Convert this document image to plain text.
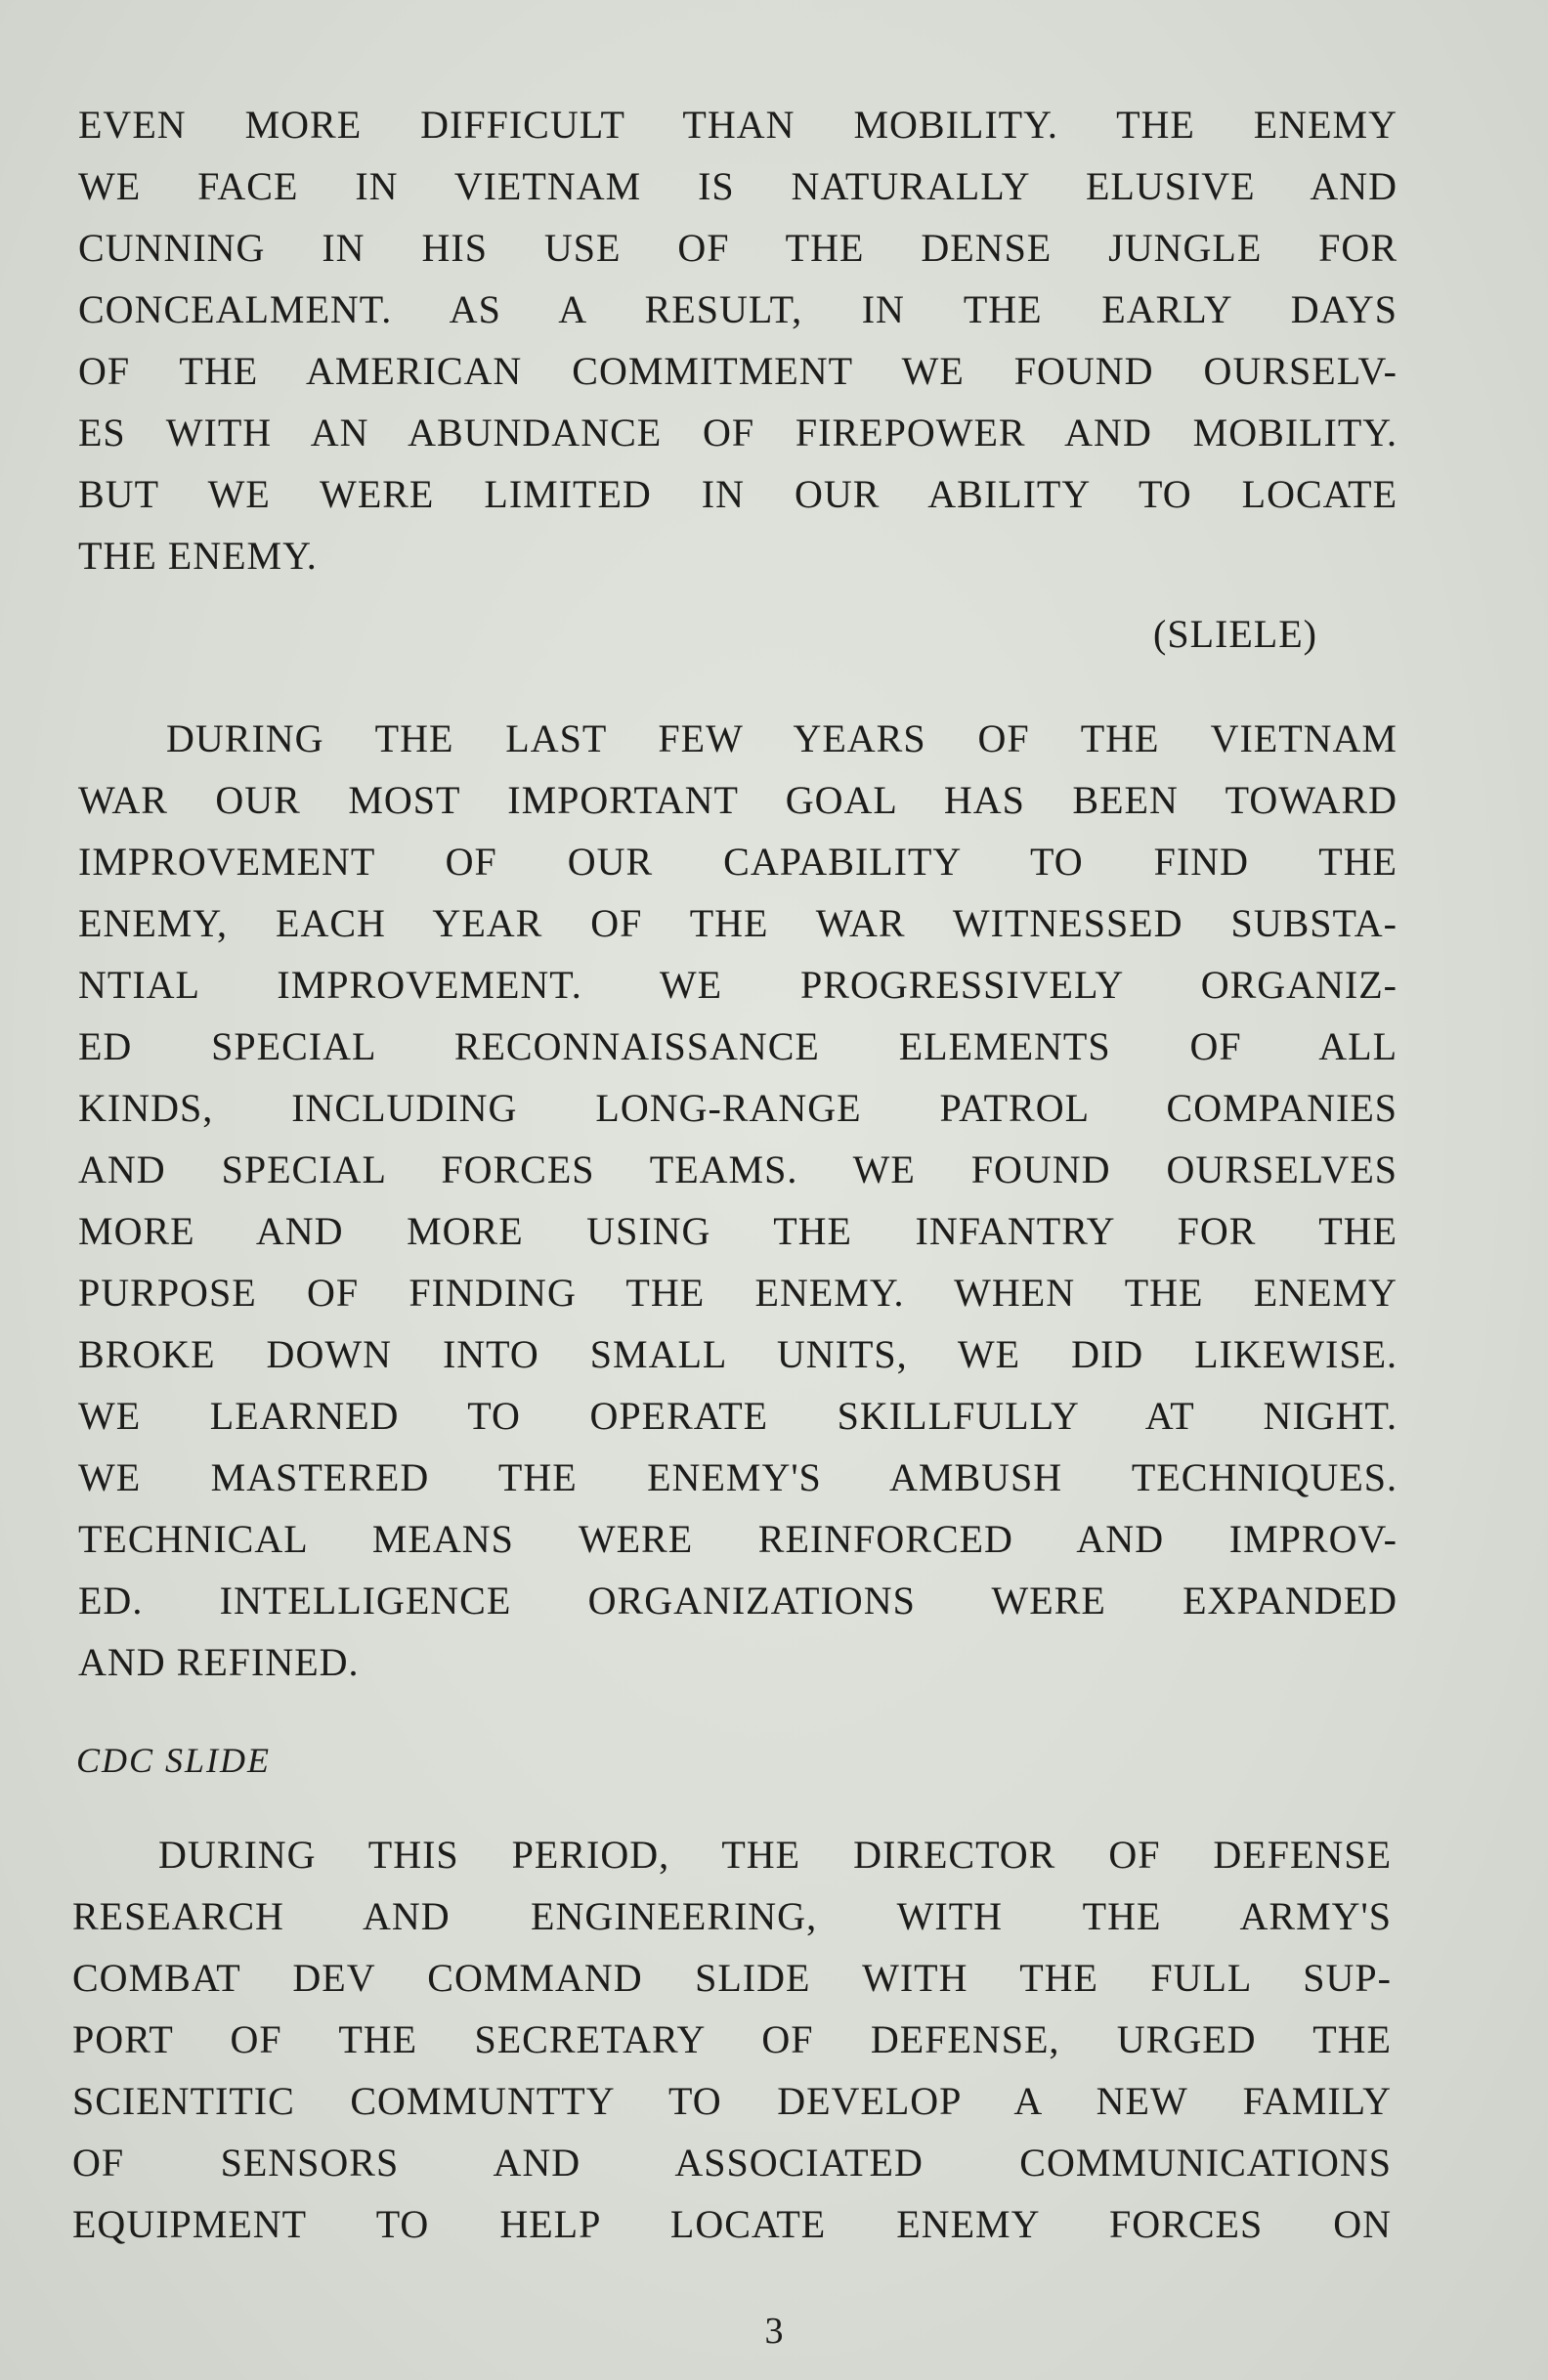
EVEN MORE DIFFICULT THAN MOBILITY. THE ENEMY
WE FACE IN VIETNAM IS NATURALLY ELUSIVE AND
CUNNING IN HIS USE OF THE DENSE JUNGLE FOR
CONCEALMENT. AS A RESULT, IN THE EARLY DAYS
OF THE AMERICAN COMMITMENT WE FOUND OURSELV-
ES WITH AN ABUNDANCE OF FIREPOWER AND MOBILITY.
BUT WE WERE LIMITED IN OUR ABILITY TO LOCATE
THE ENEMY.
(SLIELE)
DURING THE LAST FEW YEARS OF THE VIETNAM
WAR OUR MOST IMPORTANT GOAL HAS BEEN TOWARD
IMPROVEMENT OF OUR CAPABILITY TO FIND THE
ENEMY, EACH YEAR OF THE WAR WITNESSED SUBSTA-
NTIAL IMPROVEMENT. WE PROGRESSIVELY ORGANIZ-
ED SPECIAL RECONNAISSANCE ELEMENTS OF ALL
KINDS, INCLUDING LONG-RANGE PATROL COMPANIES
AND SPECIAL FORCES TEAMS. WE FOUND OURSELVES
MORE AND MORE USING THE INFANTRY FOR THE
PURPOSE OF FINDING THE ENEMY. WHEN THE ENEMY
BROKE DOWN INTO SMALL UNITS, WE DID LIKEWISE.
WE LEARNED TO OPERATE SKILLFULLY AT NIGHT.
WE MASTERED THE ENEMY'S AMBUSH TECHNIQUES.
TECHNICAL MEANS WERE REINFORCED AND IMPROV-
ED. INTELLIGENCE ORGANIZATIONS WERE EXPANDED
AND REFINED.
CDC SLIDE
DURING THIS PERIOD, THE DIRECTOR OF DEFENSE
RESEARCH AND ENGINEERING, WITH THE ARMY'S
COMBAT DEV COMMAND SLIDE WITH THE FULL SUP-
PORT OF THE SECRETARY OF DEFENSE, URGED THE
SCIENTITIC COMMUNTTY TO DEVELOP A NEW FAMILY
OF SENSORS AND ASSOCIATED COMMUNICATIONS
EQUIPMENT TO HELP LOCATE ENEMY FORCES ON
3
